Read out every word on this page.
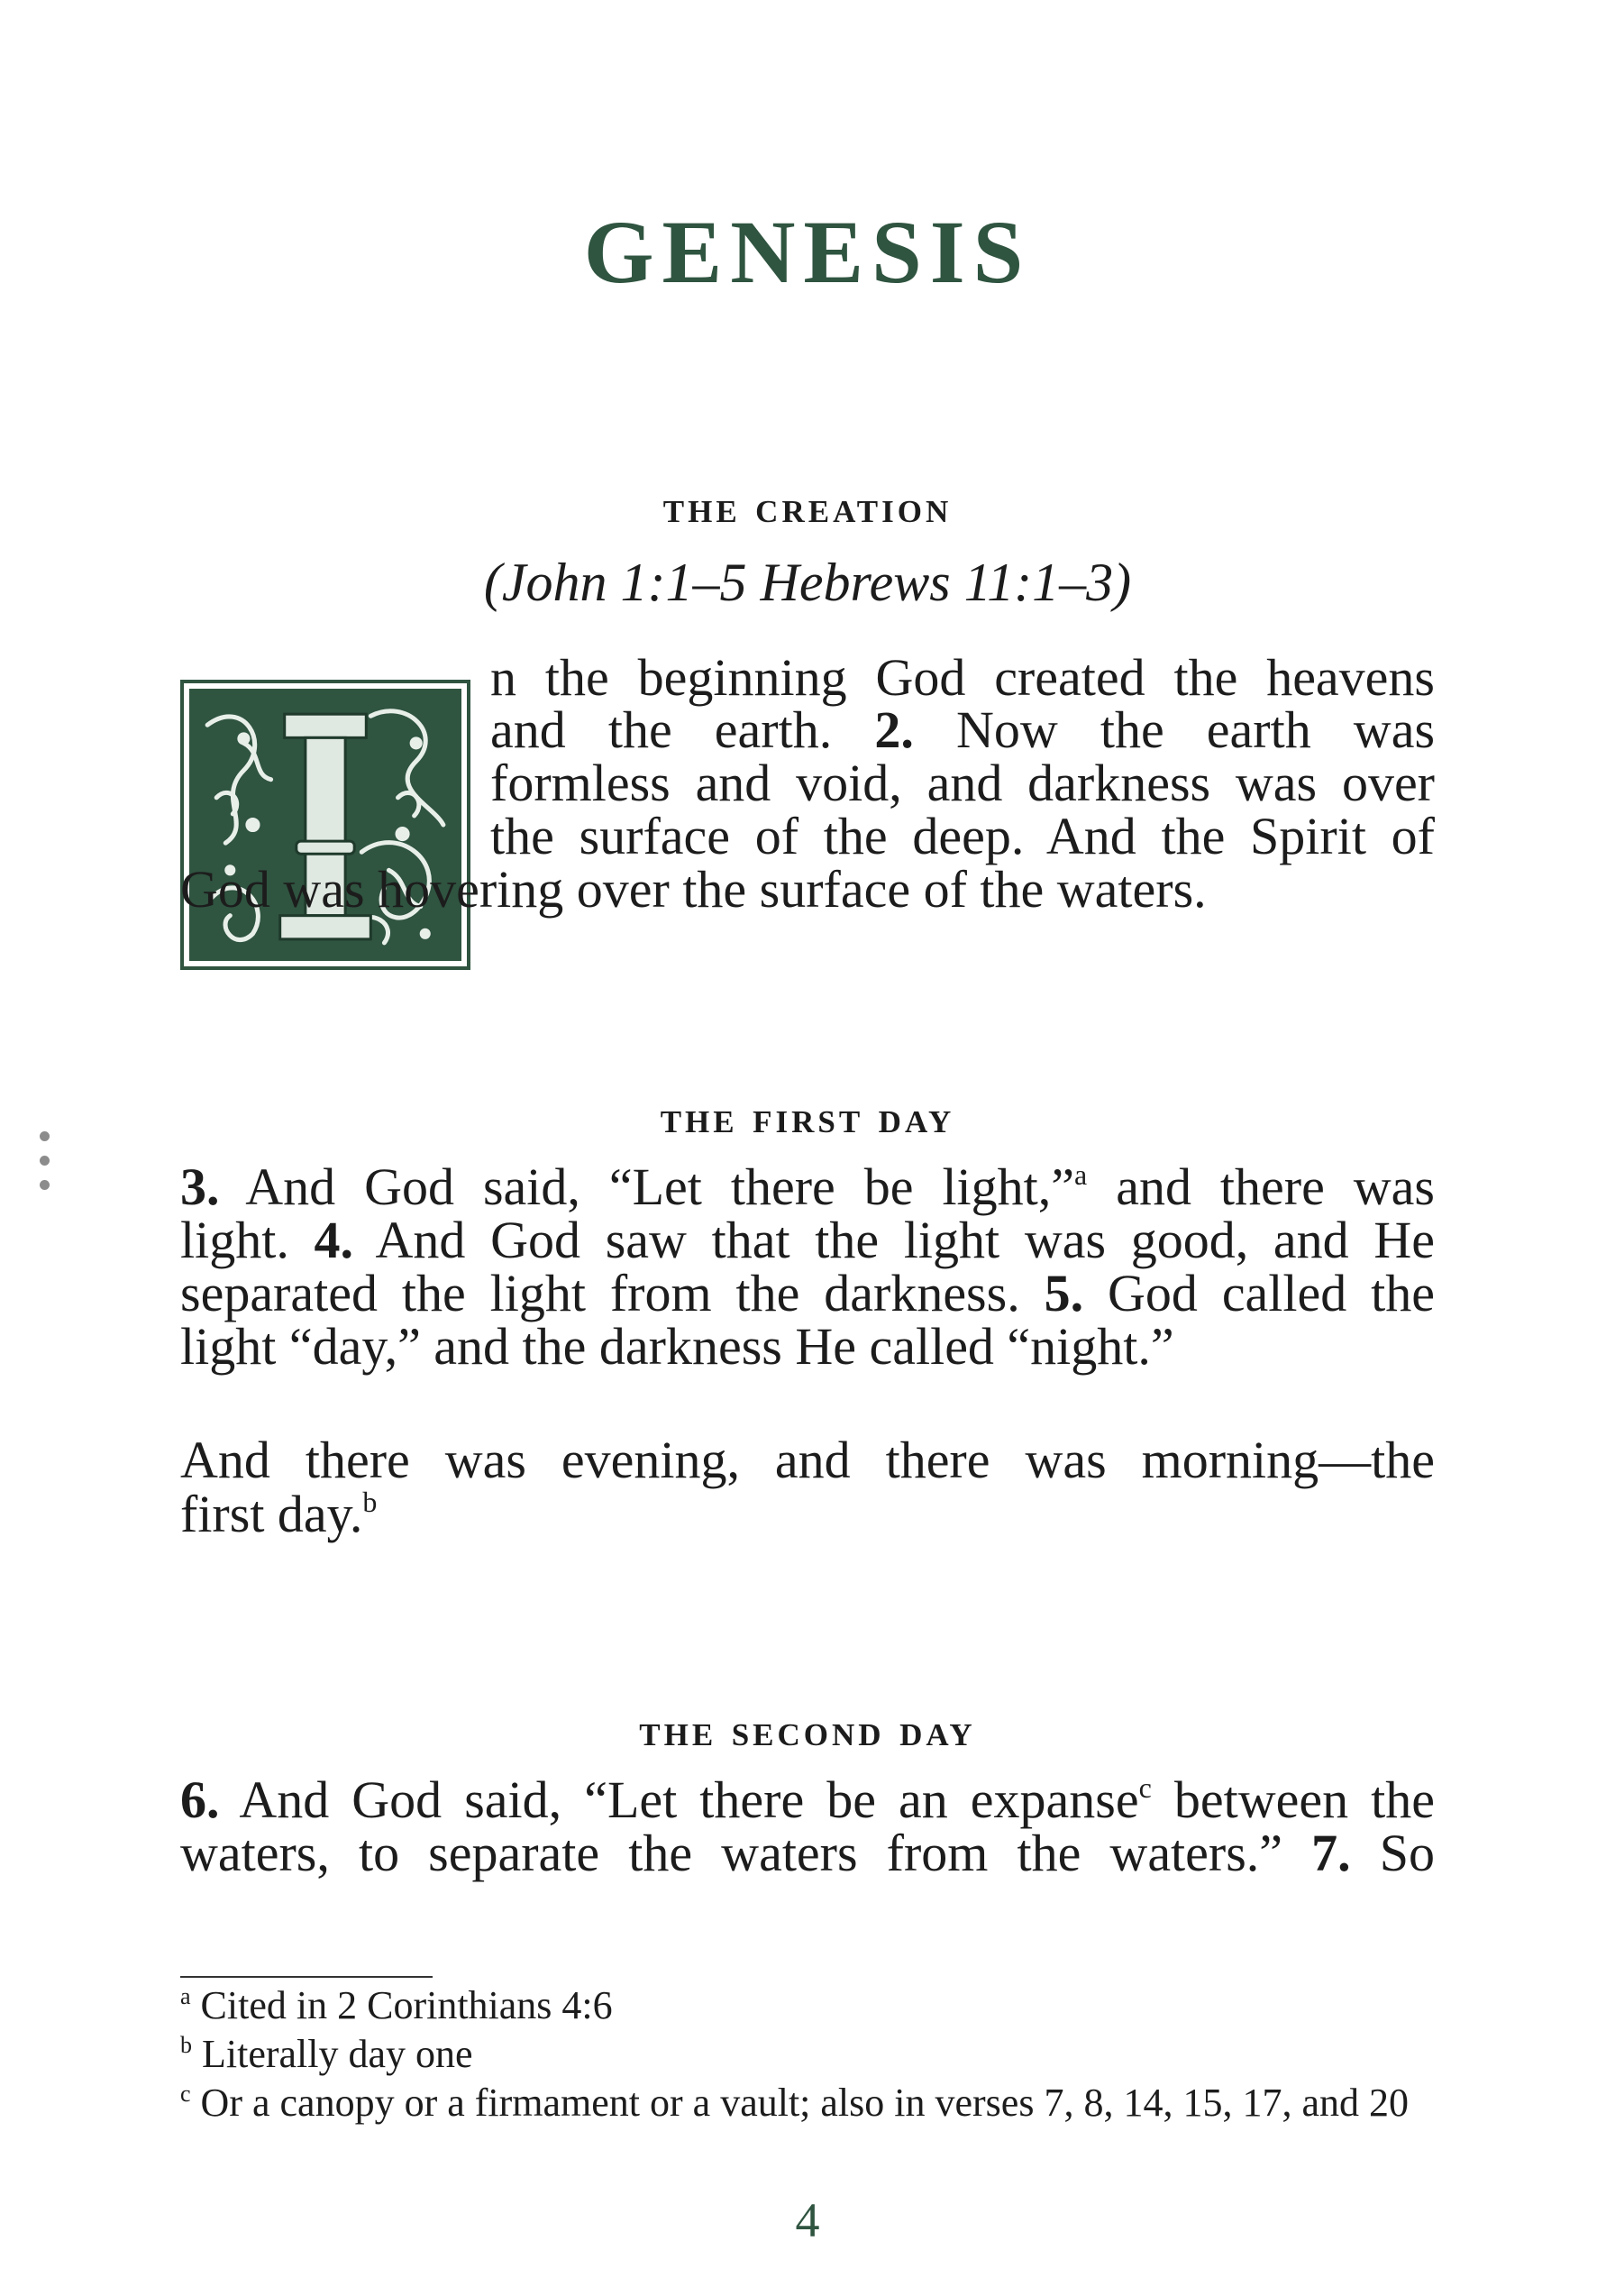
GENESIS
the creation
(John 1:1–5 Hebrews 11:1–3)
n the beginning God created the heavens
and the earth. 2. Now the earth was
formless and void, and darkness was over
the surface of the deep. And the Spirit of
God was hovering over the surface of the waters.
the first day
3. And God said, “Let there be light,”$^a$ and there was
light. 4. And God saw that the light was good, and He
separated the light from the darkness. 5. God called the
light “day,” and the darkness He called “night.”
And there was evening, and there was morning—the
first day.$^b$
the second day
6. And God said, “Let there be an expanse$^c$ between the
waters, to separate the waters from the waters.” 7. So
$^a$ Cited in 2 Corinthians 4:6
$^b$ Literally day one
$^c$ Or a canopy or a firmament or a vault; also in verses 7, 8, 14, 15, 17, and 20
4
